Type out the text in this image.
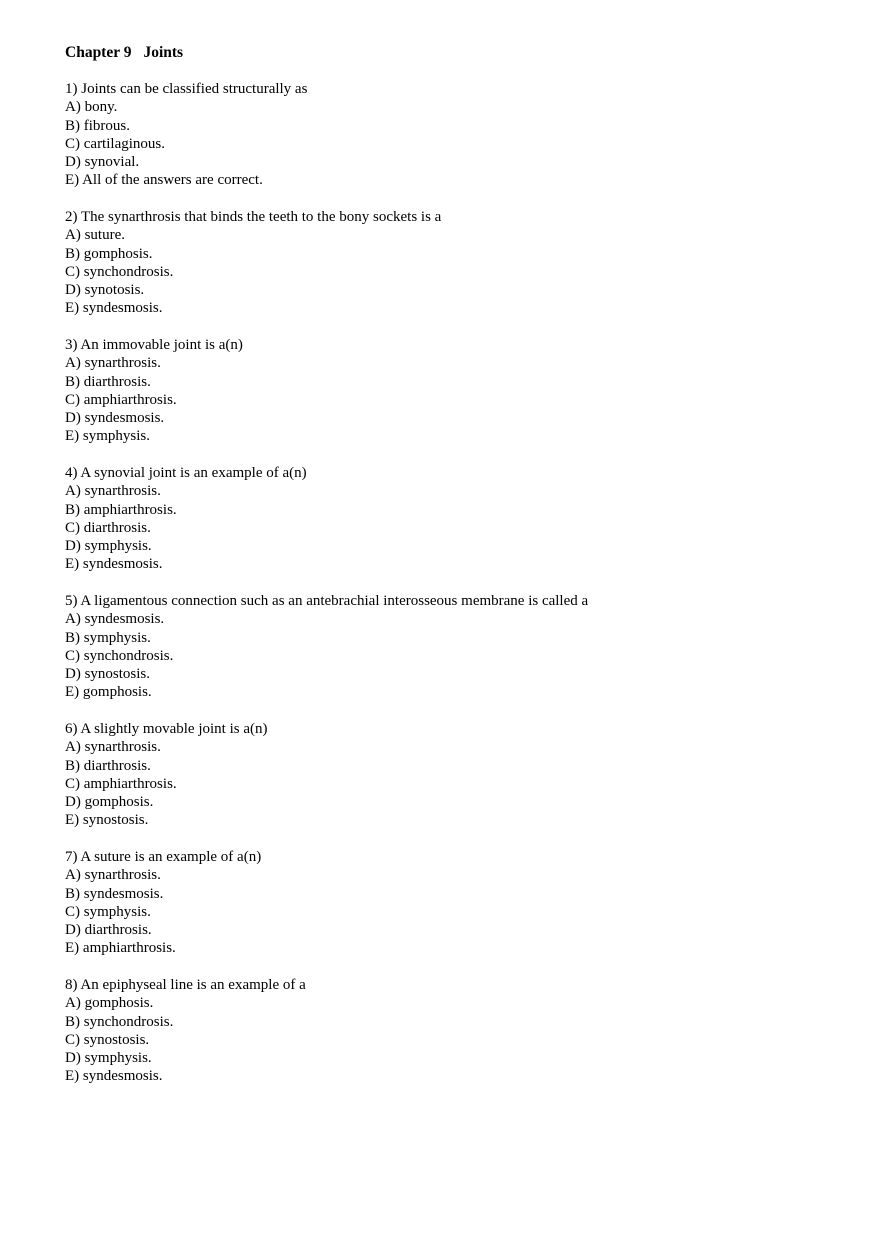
Chapter 9 Joints
1) Joints can be classified structurally as
A) bony.
B) fibrous.
C) cartilaginous.
D) synovial.
E) All of the answers are correct.
2) The synarthrosis that binds the teeth to the bony sockets is a
A) suture.
B) gomphosis.
C) synchondrosis.
D) synotosis.
E) syndesmosis.
3) An immovable joint is a(n)
A) synarthrosis.
B) diarthrosis.
C) amphiarthrosis.
D) syndesmosis.
E) symphysis.
4) A synovial joint is an example of a(n)
A) synarthrosis.
B) amphiarthrosis.
C) diarthrosis.
D) symphysis.
E) syndesmosis.
5) A ligamentous connection such as an antebrachial interosseous membrane is called a
A) syndesmosis.
B) symphysis.
C) synchondrosis.
D) synostosis.
E) gomphosis.
6) A slightly movable joint is a(n)
A) synarthrosis.
B) diarthrosis.
C) amphiarthrosis.
D) gomphosis.
E) synostosis.
7) A suture is an example of a(n)
A) synarthrosis.
B) syndesmosis.
C) symphysis.
D) diarthrosis.
E) amphiarthrosis.
8) An epiphyseal line is an example of a
A) gomphosis.
B) synchondrosis.
C) synostosis.
D) symphysis.
E) syndesmosis.
